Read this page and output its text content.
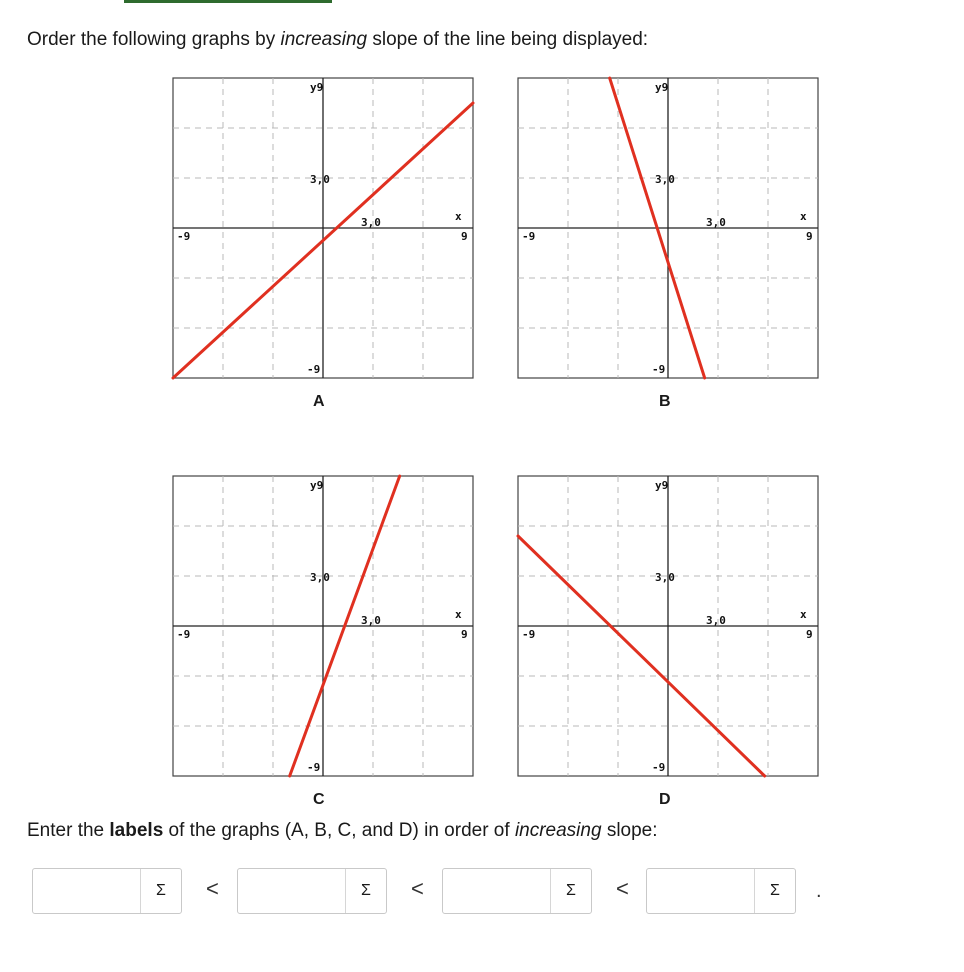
Order the following graphs by increasing slope of the line being displayed:
y9
3,0
3,0	x
9
-9
-9
A
y9
3,0
3,0	x
9
-9
-9
B
y9
3,0
3,0	x
9
-9
-9
C
y9
3,0
3,0	x
9
-9
-9
D
Enter the labels of the graphs (A, B, C, and D) in order of increasing slope:
Σ	<	Σ	<	Σ	<	Σ	.
